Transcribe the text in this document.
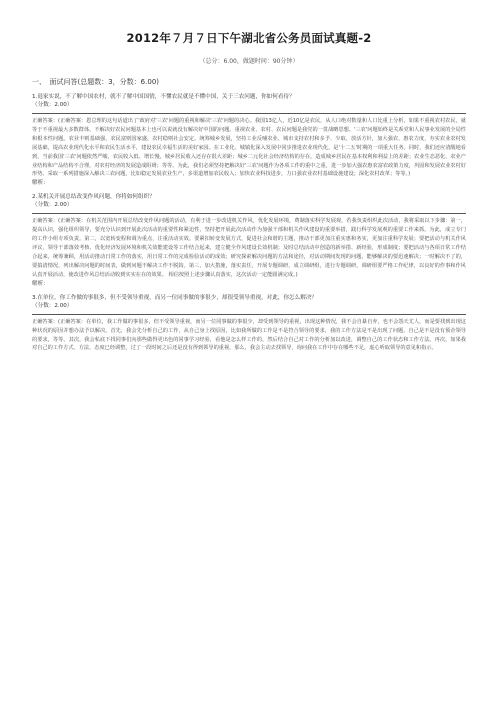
2012年７月７日下午湖北省公务员面试真题-2
（总分：6.00，做题时间：90分钟）
一、　面试问答(总题数：3，分数：6.00)
1.退家实说，不了解中国农村，就不了解中国国情，不懂农民就是不懂中国，关于三农问题，你如何看待？
（分数：2.00）

正确答案：(正确答案：恩总理的这句话道出了'政府对'三农'问题的重视和解决'三农'问题的决心。我国13亿人，近10亿是农民，从人口绝对数量和人口比重上分析，如果不重视农村农民，就等于不重视最大多数群体，不解决好农民问题基本上也可以说就没有解决好中国的问题。重视农业、农村、农民问题是我党的一贯战略思想。'三农'问题始终是关系党和人民事业发展的全局性和根本性问题。农业丰则基础强，农民富则国家盛，农村稳则社会安定。统筹城乡发展，坚持工业反哺农业、城市支持农村和多予、少取、放活方针，加大强农、惠农力度，夯实农业农村发展基础，提高农业现代化水平和农民生活水平，建设农民幸福生活的美好家园。在工业化、城镇化深入发展中同步推进农业现代化，是'十二五'时期的一项重大任务。同时，我们还应清醒地看到，当前我国'三农'问题依然严峻，农民收入低、增长慢，城乡居民收入还存在很大差距；城乡二元化社会经济结构的存在，造成城乡居民在基本权利和利益上的差距；农业生态恶化、农业产业结构和产品结构不合理，对农村经济的发展造成阻碍；等等。为此，我们必须坚持把解决好'三农'问题作为各项工作的重中之重，进一步加大强农惠农富农政策力度，巩固和发展农业农村好形势。采取一系列措施深入解决三农问题，比如稳定发展农业生产，多渠道增加农民收入；加快农业科技进步，力口强农业农村基础设施建设；深化农村改革；等等。)

解析：
2.某机关开展总结改变作风问题，你将如何组织？
（分数：2.00）

正确答案：(正确答案：在机关范围内开展总结改变作风问题的活动，有利于进一步改进机关作风，优化发展环境，费制落实科学发展观，若我负责组织此次活动，我将采取以下步骤：第一，提高认识，强化组织领导，要充分认识到开展此次活动的重要性和紧迫性，坚持把开展此次活动作为加强干部和机关作风建设的重要举措，践行科学发展观的重要工作来抓。为此，成立专门的工作小组专项负责。第二，以宽转变程和调为重点，注重活动实效。要紧扣转变发展方式，促进社会和谐的主题，推动干部更加注重实惠和务实，更加注重科学发展；要把活动与机关作风评议、领导干部落效考核、优化经济发展环境和机关效能建设等工作结合起来，建立健全作风建设长效机制；及时总结活动中创造的新举措、新经验，形成制度；要把活动与各项日常工作结合起来，统筹兼顾，用活动推动日常工作的落实，用日常工作的完成检验活动的成效；研究探索解决问题的方法和途径，对活动期间发现的问题，能够解决的要迅速解决；一时解决不了的，要搞清情况，列出解决问题的时间表，做到问题不解决工作不脱钩。第三，加大措施，落实责任，开展专题调研，成立调研组，进行专题调研，调研组要严格工作纪律，以良好的作事和作风认真开展活动，使改进作风总结活动收到实实在在的效果。 相信按照上述步骤认真落实，这次活动一定能圆满完成。)

解析：
3.在单位，你工作做的事很多，但不受领导重视，而另一位同事做的事很少，却很受领导重视，对此，你怎么解决？
（分数：2.00）

正确答案：(正确答案：在单位，我工作做的事很多，但不受领导重视，而另一位同事做的事很少，却受到领导的重视，出现这种情况，我不会自暴自弃，也不会怨天尤人，而是要找到出现这种状况的原因并想办法予以解决。首先，我会先分析自己的工作，从自己身上找原因，比如我所做的工作是不是符合领导的要求，我的工作方法是不是出现了问题，自己是不是没有预企领导的要求，等等。其次，我会私底下找同事们向那些做得更出色的同事学习经验，看他是怎么样工作的，然后结合自己对工作的分析加以改进，调整自己的工作状态和工作方法。再次，如果我对自己的工作方式、方法、态度已经调整，过了一段时间之后还是没有得到领导的重视，那么，我会主动去找领导，询问我在工作中存在哪些不足，虚心听取领导的意见和指示。
